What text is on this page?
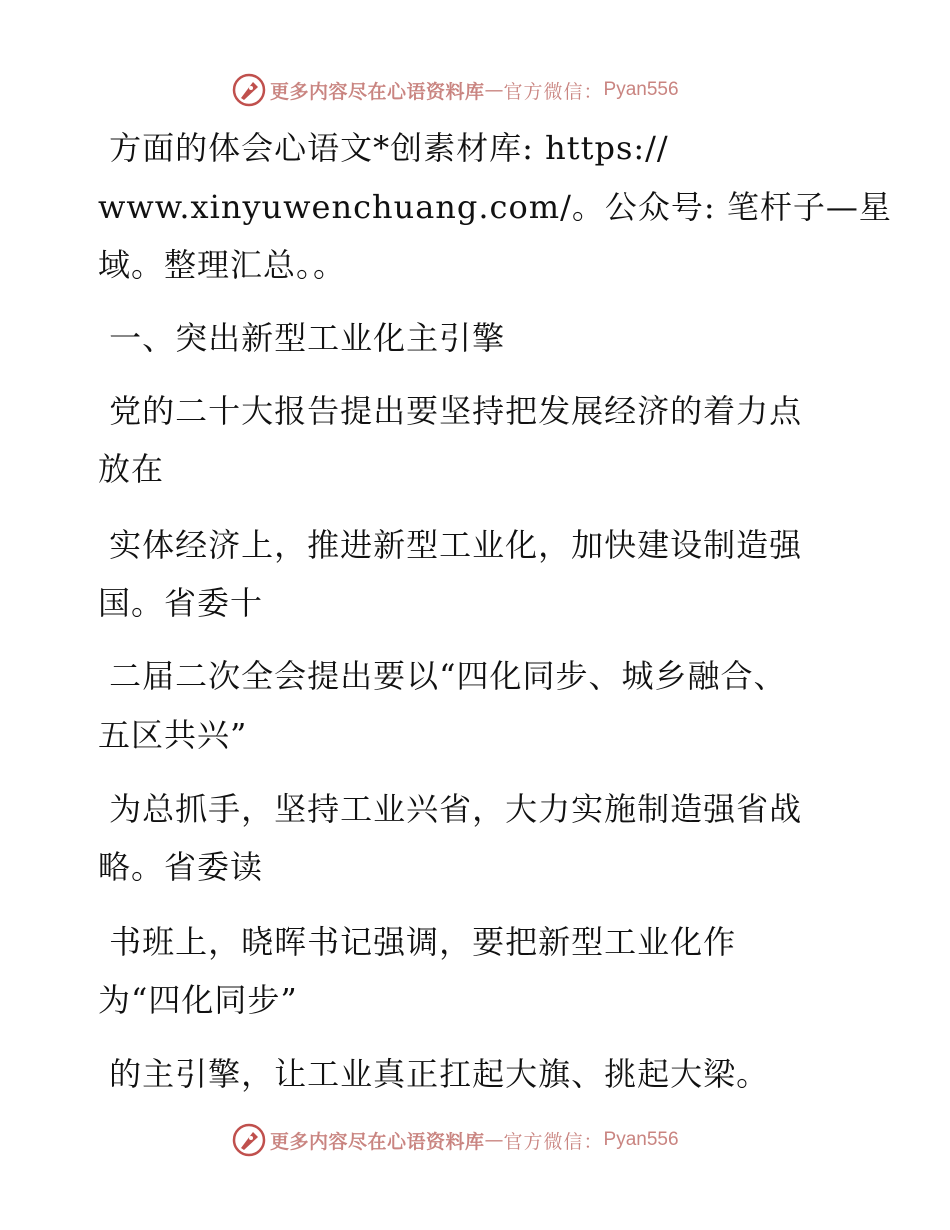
更多内容尽在心语资料库 — 官方微信： Pyan556
方面的体会心语文*创素材库: https://
www.xinyuwenchuang.com/。公众号: 笔杆子—星
域。整理汇总。。
一、突出新型工业化主引擎
党的二十大报告提出要坚持把发展经济的着力点
放在
实体经济上，推进新型工业化，加快建设制造强
国。省委十
二届二次全会提出要以“四化同步、城乡融合、
五区共兴”
为总抓手，坚持工业兴省，大力实施制造强省战
略。省委读
书班上，晓晖书记强调，要把新型工业化作
为“四化同步”
的主引擎，让工业真正扛起大旗、挑起大梁。
更多内容尽在心语资料库 — 官方微信： Pyan556
